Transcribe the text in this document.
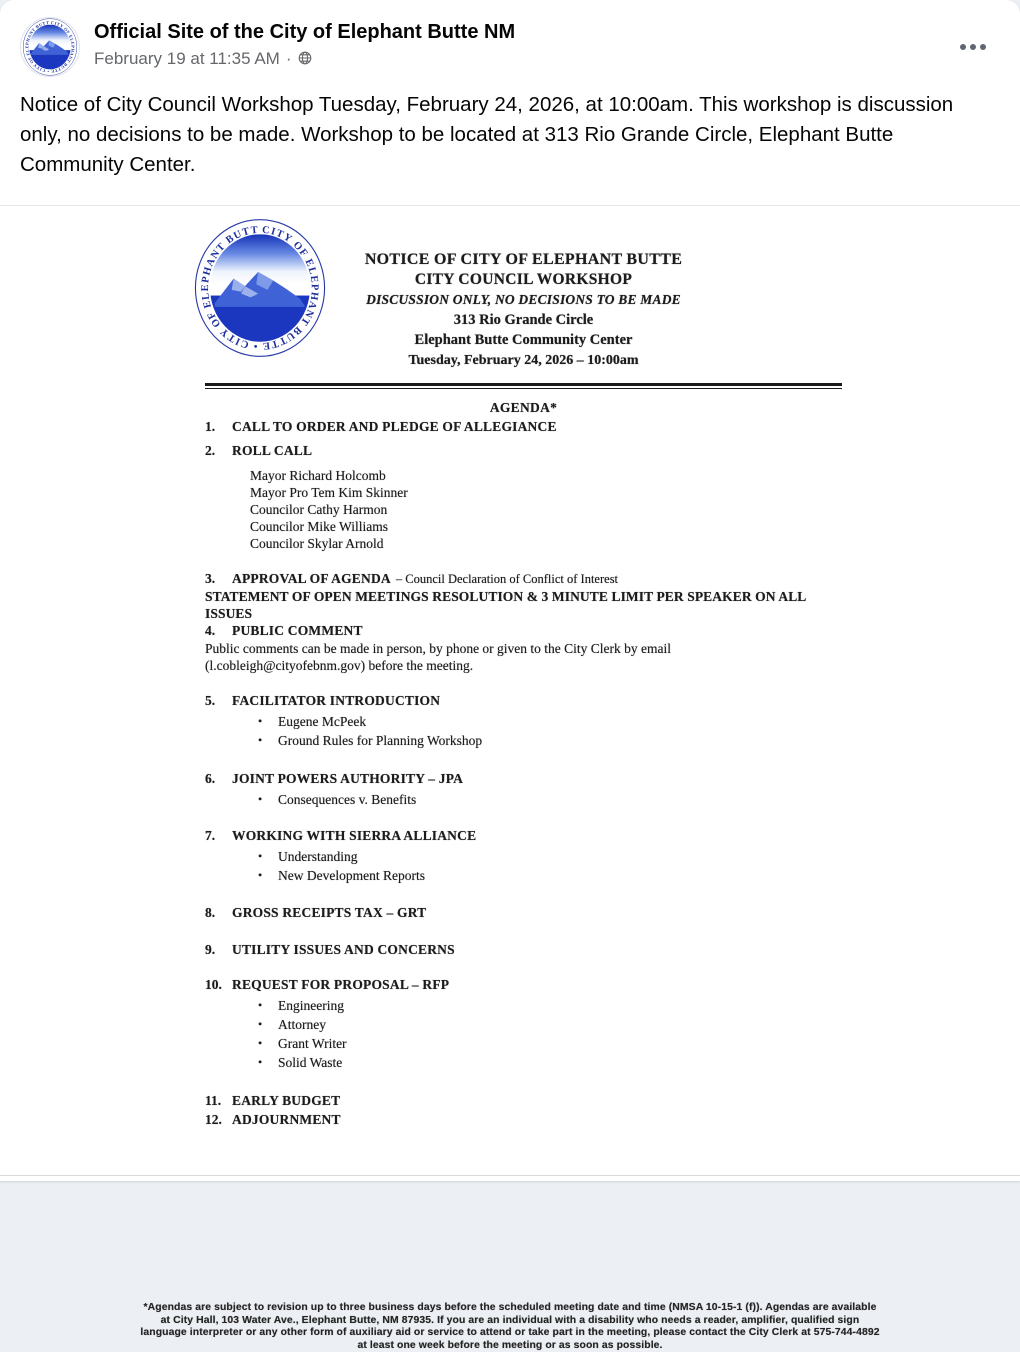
Official Site of the City of Elephant Butte NM
February 19 at 11:35 AM ·
Notice of City Council Workshop Tuesday, February 24, 2026, at 10:00am. This workshop is discussion only, no decisions to be made. Workshop to be located at 313 Rio Grande Circle, Elephant Butte Community Center.
NOTICE OF CITY OF ELEPHANT BUTTE
CITY COUNCIL WORKSHOP
DISCUSSION ONLY, NO DECISIONS TO BE MADE
313 Rio Grande Circle
Elephant Butte Community Center
Tuesday, February 24, 2026 – 10:00am
AGENDA*
1.	CALL TO ORDER AND PLEDGE OF ALLEGIANCE
2.	ROLL CALL
Mayor Richard Holcomb
Mayor Pro Tem Kim Skinner
Councilor Cathy Harmon
Councilor Mike Williams
Councilor Skylar Arnold
3.	APPROVAL OF AGENDA – Council Declaration of Conflict of Interest
STATEMENT OF OPEN MEETINGS RESOLUTION & 3 MINUTE LIMIT PER SPEAKER ON ALL ISSUES
4.	PUBLIC COMMENT
Public comments can be made in person, by phone or given to the City Clerk by email (l.cobleigh@cityofebnm.gov) before the meeting.
5.	FACILITATOR INTRODUCTION
•	Eugene McPeek
•	Ground Rules for Planning Workshop
6.	JOINT POWERS AUTHORITY – JPA
•	Consequences v. Benefits
7.	WORKING WITH SIERRA ALLIANCE
•	Understanding
•	New Development Reports
8.	GROSS RECEIPTS TAX – GRT
9.	UTILITY ISSUES AND CONCERNS
10. REQUEST FOR PROPOSAL – RFP
•	Engineering
•	Attorney
•	Grant Writer
•	Solid Waste
11. EARLY BUDGET
12. ADJOURNMENT
*Agendas are subject to revision up to three business days before the scheduled meeting date and time (NMSA 10-15-1 (f)). Agendas are available at City Hall, 103 Water Ave., Elephant Butte, NM 87935. If you are an individual with a disability who needs a reader, amplifier, qualified sign language interpreter or any other form of auxiliary aid or service to attend or take part in the meeting, please contact the City Clerk at 575-744-4892 at least one week before the meeting or as soon as possible.
